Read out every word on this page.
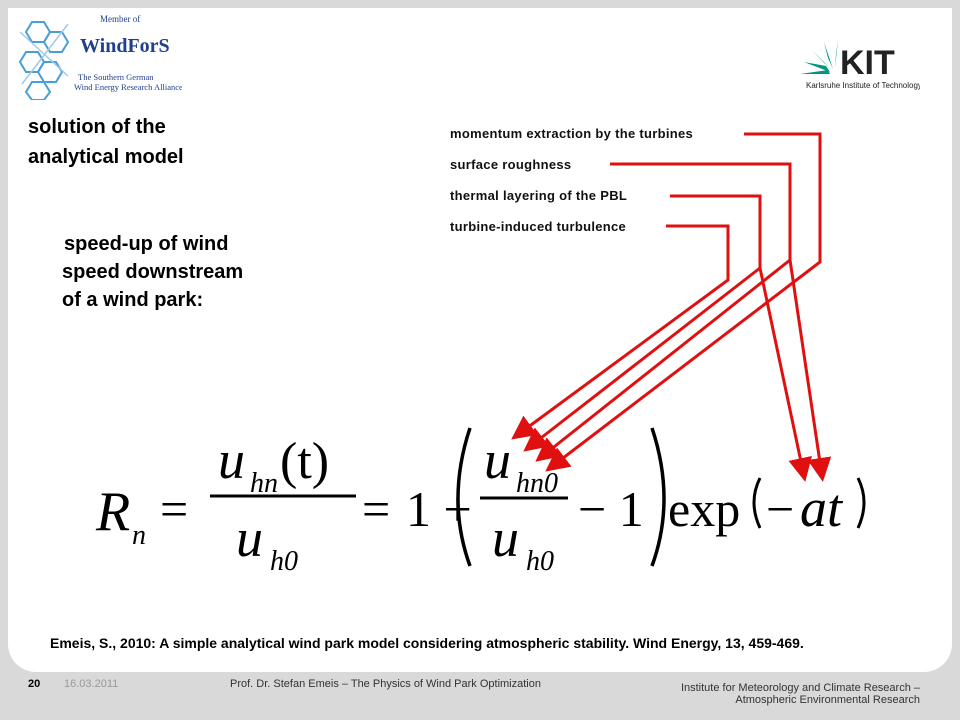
Member of
WindForS
The Southern German
Wind Energy Research Alliance
KIT
Karlsruhe Institute of Technology
solution of the
analytical model
speed-up of wind
speed downstream
of a wind park:
momentum extraction by the turbines
surface roughness
thermal layering of the PBL
turbine-induced turbulence
R n =
u hn (t)
u h0
= 1 +
u hn0
u h0
− 1 exp − at
Emeis, S., 2010: A simple analytical wind park model considering atmospheric stability. Wind Energy, 13, 459-469.
20 16.03.2011	Prof. Dr. Stefan Emeis – The Physics of Wind Park Optimization	Institute for Meteorology and Climate Research –
Atmospheric Environmental Research
